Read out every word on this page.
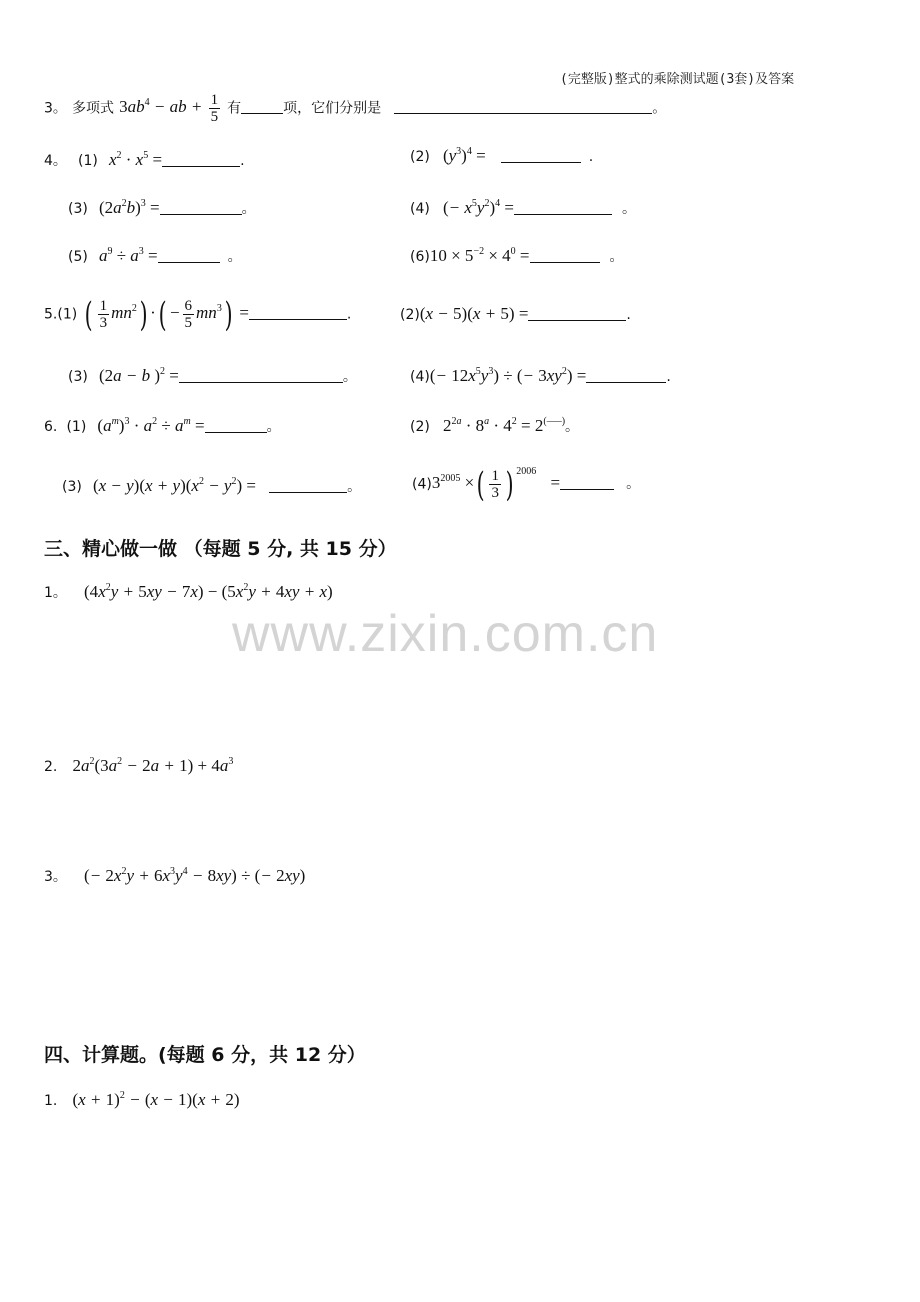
(完整版)整式的乘除测试题(3套)及答案
www.zixin.com.cn
3。 多项式 $3ab^4$ − ab + $\frac{1}{5}$ 有	项，它们分别是	。
4。 (1) $x^2 \cdot x^5$ =	.	(2) $(y^3)^4$ =	.
(3) $(2a^2b)^3$ =	。	(4) (− $x^5y^2)^4$ =	。
(5) $a^9 \div a^3$ =	。	$(6)10 \times 5^{-2} \times 4^0$ =	。
5.(1) ( $\frac{1}{3} mn^2$) ·( − $\frac{6}{5} mn^3$) =	.	(2)(x − 5)(x + 5) =	.
(3) (2a − b )$^2$ =	。	$(4)(- 12x^5y^3)$ ÷ (− $3xy^2$) =	.
6. (1) $(a^m)^3 \cdot a^2 \div a^m$ =	。	(2) $2^{2a} \cdot 8^a \cdot 4^2 = 2^{(‒‒‒)}$。
(3) $(x - y)(x + y)(x^2 - y^2)$ =	。	$(4)3^{2005}$ ×( $\frac{1}{3}$ ) $^{2006}$ =	。
三、精心做一做 （每题 5 分, 共 15 分）
1。 $(4x^2y + 5xy - 7x) - (5x^2y + 4xy + x)$
2. $2a^2(3a^2 - 2a + 1) + 4a^3$
3。 (− $2x^2y + 6x^3y^4 - 8xy$) ÷ (− 2xy)
四、计算题。(每题 6 分，共 12 分）
1. $(x + 1)^2 - (x - 1)(x + 2)$
